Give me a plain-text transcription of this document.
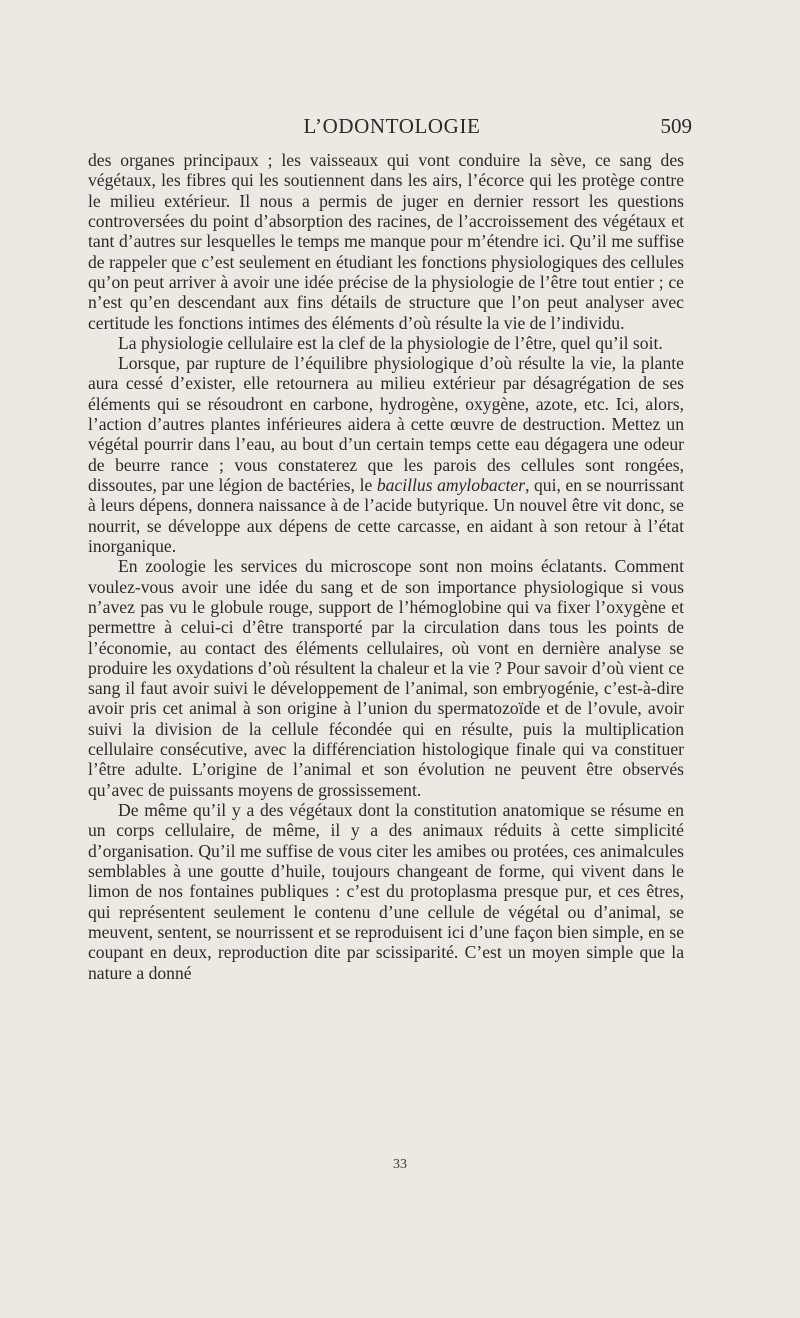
L’ODONTOLOGIE	509

des organes principaux ; les vaisseaux qui vont conduire la sève, ce sang des végétaux, les fibres qui les soutiennent dans les airs, l’écorce qui les protège contre le milieu extérieur. Il nous a permis de juger en dernier ressort les questions controversées du point d’absorption des racines, de l’accroissement des végétaux et tant d’autres sur lesquelles le temps me manque pour m’étendre ici. Qu’il me suffise de rappeler que c’est seulement en étudiant les fonctions physiologiques des cellules qu’on peut arriver à avoir une idée précise de la physiologie de l’être tout entier ; ce n’est qu’en descendant aux fins détails de structure que l’on peut analyser avec certitude les fonctions intimes des éléments d’où résulte la vie de l’individu.

La physiologie cellulaire est la clef de la physiologie de l’être, quel qu’il soit.

Lorsque, par rupture de l’équilibre physiologique d’où résulte la vie, la plante aura cessé d’exister, elle retournera au milieu extérieur par désagrégation de ses éléments qui se résoudront en carbone, hydrogène, oxygène, azote, etc. Ici, alors, l’action d’autres plantes inférieures aidera à cette œuvre de destruction. Mettez un végétal pourrir dans l’eau, au bout d’un certain temps cette eau dégagera une odeur de beurre rance ; vous constaterez que les parois des cellules sont rongées, dissoutes, par une légion de bactéries, le bacillus amylobacter, qui, en se nourrissant à leurs dépens, donnera naissance à de l’acide butyrique. Un nouvel être vit donc, se nourrit, se développe aux dépens de cette carcasse, en aidant à son retour à l’état inorganique.

En zoologie les services du microscope sont non moins éclatants. Comment voulez-vous avoir une idée du sang et de son importance physiologique si vous n’avez pas vu le globule rouge, support de l’hémoglobine qui va fixer l’oxygène et permettre à celui-ci d’être transporté par la circulation dans tous les points de l’économie, au contact des éléments cellulaires, où vont en dernière analyse se produire les oxydations d’où résultent la chaleur et la vie ? Pour savoir d’où vient ce sang il faut avoir suivi le développement de l’animal, son embryogénie, c’est-à-dire avoir pris cet animal à son origine à l’union du spermatozoïde et de l’ovule, avoir suivi la division de la cellule fécondée qui en résulte, puis la multiplication cellulaire consécutive, avec la différenciation histologique finale qui va constituer l’être adulte. L’origine de l’animal et son évolution ne peuvent être observés qu’avec de puissants moyens de grossissement.

De même qu’il y a des végétaux dont la constitution anatomique se résume en un corps cellulaire, de même, il y a des animaux réduits à cette simplicité d’organisation. Qu’il me suffise de vous citer les amibes ou protées, ces animalcules semblables à une goutte d’huile, toujours changeant de forme, qui vivent dans le limon de nos fontaines publiques : c’est du protoplasma presque pur, et ces êtres, qui représentent seulement le contenu d’une cellule de végétal ou d’animal, se meuvent, sentent, se nourrissent et se reproduisent ici d’une façon bien simple, en se coupant en deux, reproduction dite par scissiparité. C’est un moyen simple que la nature a donné

33
